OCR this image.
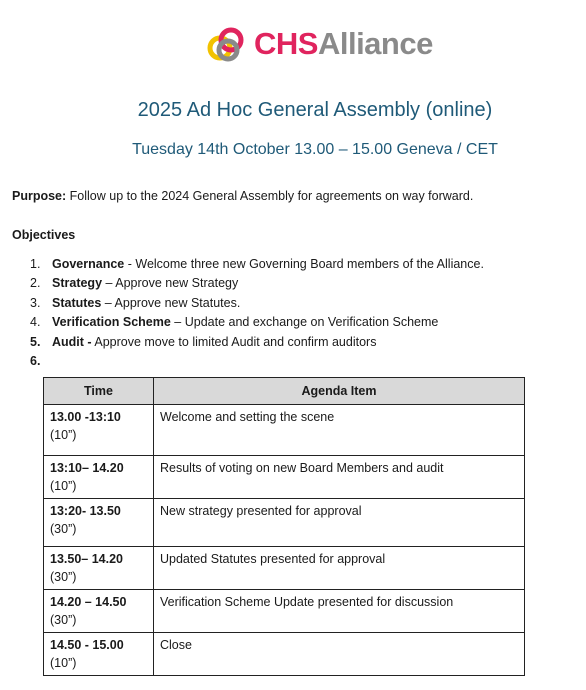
CHSAlliance
2025 Ad Hoc General Assembly (online)
Tuesday 14th October 13.00 – 15.00 Geneva / CET
Purpose: Follow up to the 2024 General Assembly for agreements on way forward.
Objectives
1. Governance - Welcome three new Governing Board members of the Alliance.
2. Strategy – Approve new Strategy
3. Statutes – Approve new Statutes.
4. Verification Scheme – Update and exchange on Verification Scheme
5. Audit - Approve move to limited Audit and confirm auditors
6.
Time	Agenda Item

13.00 -13:10
(10”)	Welcome and setting the scene

13:10– 14.20
(10”)	Results of voting on new Board Members and audit

13:20- 13.50
(30”)	New strategy presented for approval

13.50– 14.20
(30”)	Updated Statutes presented for approval

14.20 – 14.50
(30”)	Verification Scheme Update presented for discussion

14.50 - 15.00
(10”)	Close
